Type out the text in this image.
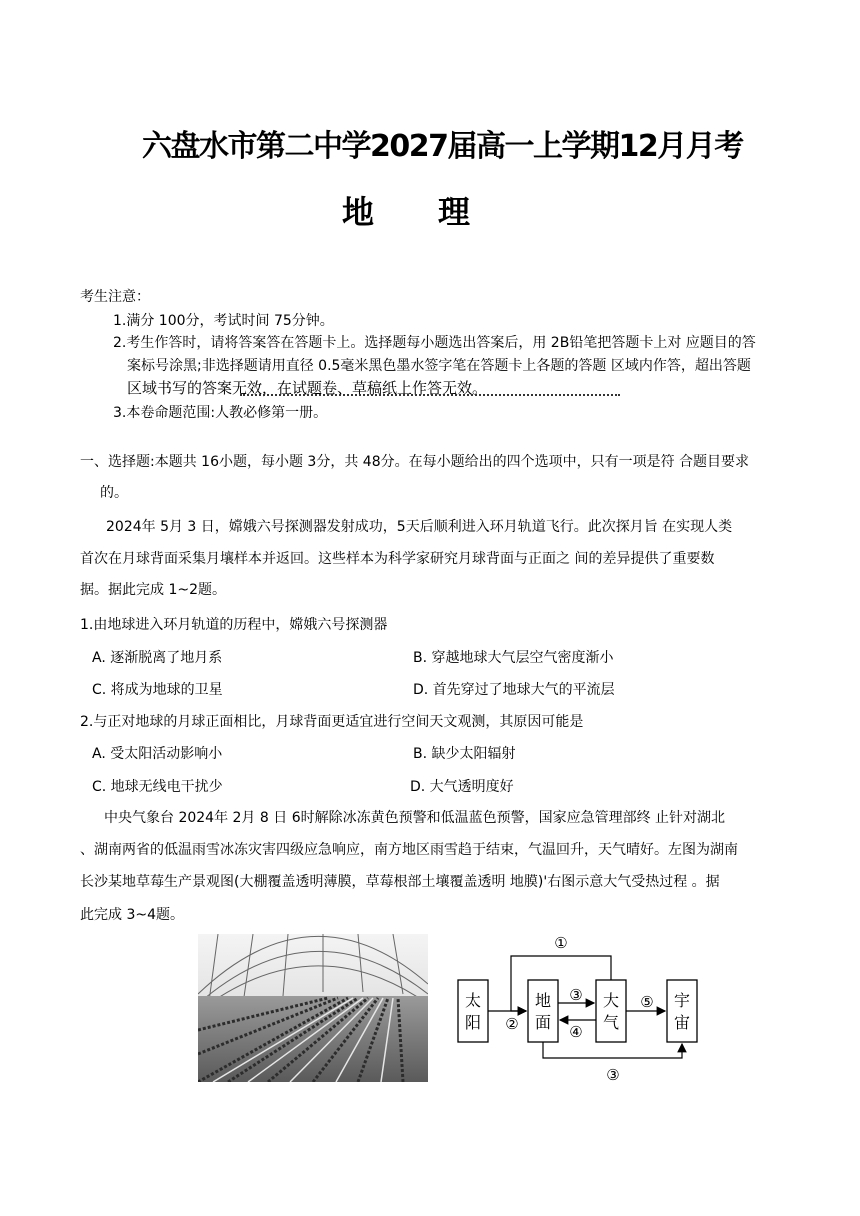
六盘水市第二中学2027届高一上学期12月月考
地　　理
考生注意：
1.满分 100分，考试时间 75分钟。
2.考生作答时，请将答案答在答题卡上。选择题每小题选出答案后，用 2B铅笔把答题卡上对 应题目的答
案标号涂黑;非选择题请用直径 0.5毫米黑色墨水签字笔在答题卡上各题的答题 区域内作答，超出答题
区域书写的答案无效，在试题卷、草稿纸上作答无效。
3.本卷命题范围:人教必修第一册。
一、选择题:本题共 16小题，每小题 3分，共 48分。在每小题给出的四个选项中，只有一项是符 合题目要求
的。
2024年 5月 3 日，嫦娥六号探测器发射成功，5天后顺利进入环月轨道飞行。此次探月旨 在实现人类
首次在月球背面采集月壤样本并返回。这些样本为科学家研究月球背面与正面之 间的差异提供了重要数
据。据此完成 1~2题。
1.由地球进入环月轨道的历程中，嫦娥六号探测器
A. 逐渐脱离了地月系	B. 穿越地球大气层空气密度渐小
C. 将成为地球的卫星	D. 首先穿过了地球大气的平流层
2.与正对地球的月球正面相比，月球背面更适宜进行空间天文观测，其原因可能是
A. 受太阳活动影响小	B. 缺少太阳辐射
C. 地球无线电干扰少	D. 大气透明度好
中央气象台 2024年 2月 8 日 6时解除冰冻黄色预警和低温蓝色预警，国家应急管理部终 止针对湖北
、湖南两省的低温雨雪冰冻灾害四级应急响应，南方地区雨雪趋于结束，气温回升，天气晴好。左图为湖南
长沙某地草莓生产景观图(大棚覆盖透明薄膜，草莓根部土壤覆盖透明 地膜)'右图示意大气受热过程 。据
此完成 3~4题。
太
阳
地
面
大
气
宇
宙
①
②
③
④
⑤
③
